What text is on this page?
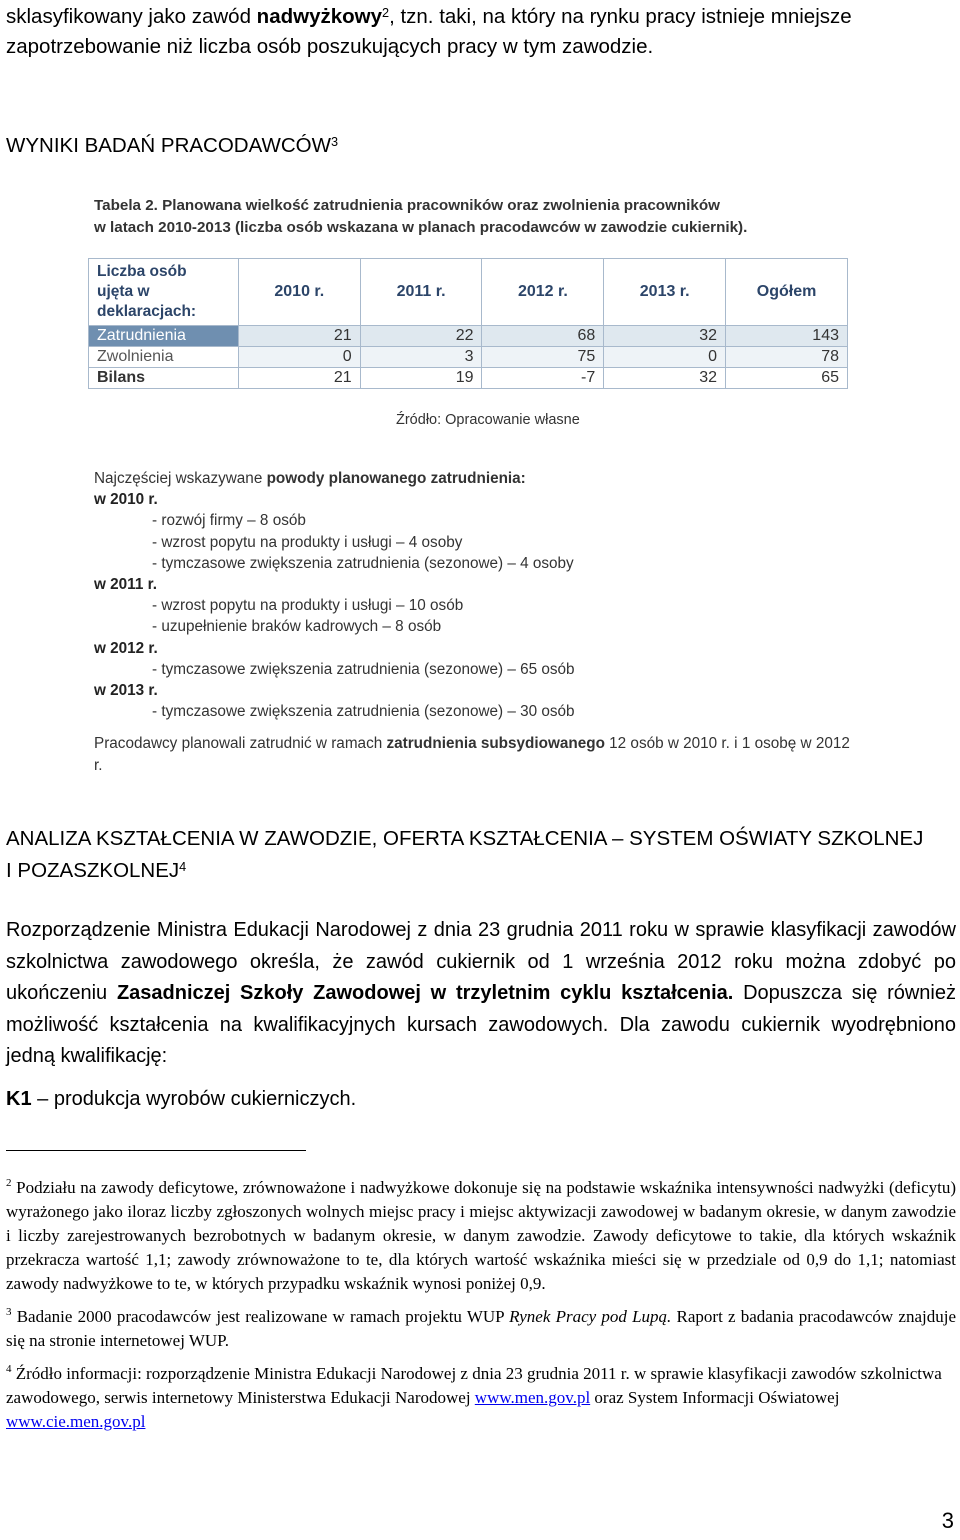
sklasyfikowany jako zawód nadwyżkowy$^2$, tzn. taki, na który na rynku pracy istnieje mniejsze zapotrzebowanie niż liczba osób poszukujących pracy w tym zawodzie.
WYNIKI BADAŃ PRACODAWCÓW$^3$
Tabela 2. Planowana wielkość zatrudnienia pracowników oraz zwolnienia pracowników
w latach 2010-2013 (liczba osób wskazana w planach pracodawców w zawodzie cukiernik).
Liczba osób
ujęta w
deklaracjach:	2010 r.	2011 r.	2012 r.	2013 r.	Ogółem
Zatrudnienia	21	22	68	32	143
Zwolnienia	0	3	75	0	78
Bilans	21	19	-7	32	65
Źródło: Opracowanie własne
Najczęściej wskazywane powody planowanego zatrudnienia:
w 2010 r.
- rozwój firmy – 8 osób
- wzrost popytu na produkty i usługi – 4 osoby
- tymczasowe zwiększenia zatrudnienia (sezonowe) – 4 osoby
w 2011 r.
- wzrost popytu na produkty i usługi – 10 osób
- uzupełnienie braków kadrowych – 8 osób
w 2012 r.
- tymczasowe zwiększenia zatrudnienia (sezonowe) – 65 osób
w 2013 r.
- tymczasowe zwiększenia zatrudnienia (sezonowe) – 30 osób
Pracodawcy planowali zatrudnić w ramach zatrudnienia subsydiowanego 12 osób w 2010 r. i 1 osobę w 2012 r.
ANALIZA KSZTAŁCENIA W ZAWODZIE, OFERTA KSZTAŁCENIA – SYSTEM OŚWIATY SZKOLNEJ
I POZASZKOLNEJ$^4$
Rozporządzenie Ministra Edukacji Narodowej z dnia 23 grudnia 2011 roku w sprawie klasyfikacji zawodów szkolnictwa zawodowego określa, że zawód cukiernik od 1 września 2012 roku można zdobyć po ukończeniu Zasadniczej Szkoły Zawodowej w trzyletnim cyklu kształcenia. Dopuszcza się również możliwość kształcenia na kwalifikacyjnych kursach zawodowych. Dla zawodu cukiernik wyodrębniono jedną kwalifikację:
K1 – produkcja wyrobów cukierniczych.
$^2$ Podziału na zawody deficytowe, zrównoważone i nadwyżkowe dokonuje się na podstawie wskaźnika intensywności nadwyżki (deficytu) wyrażonego jako iloraz liczby zgłoszonych wolnych miejsc pracy i miejsc aktywizacji zawodowej w badanym okresie, w danym zawodzie i liczby zarejestrowanych bezrobotnych w badanym okresie, w danym zawodzie. Zawody deficytowe to takie, dla których wskaźnik przekracza wartość 1,1; zawody zrównoważone to te, dla których wartość wskaźnika mieści się w przedziale od 0,9 do 1,1; natomiast zawody nadwyżkowe to te, w których przypadku wskaźnik wynosi poniżej 0,9.
$^3$ Badanie 2000 pracodawców jest realizowane w ramach projektu WUP Rynek Pracy pod Lupą. Raport z badania pracodawców znajduje się na stronie internetowej WUP.
$^4$ Źródło informacji: rozporządzenie Ministra Edukacji Narodowej z dnia 23 grudnia 2011 r. w sprawie klasyfikacji zawodów szkolnictwa zawodowego, serwis internetowy Ministerstwa Edukacji Narodowej www.men.gov.pl oraz System Informacji Oświatowej www.cie.men.gov.pl
3
